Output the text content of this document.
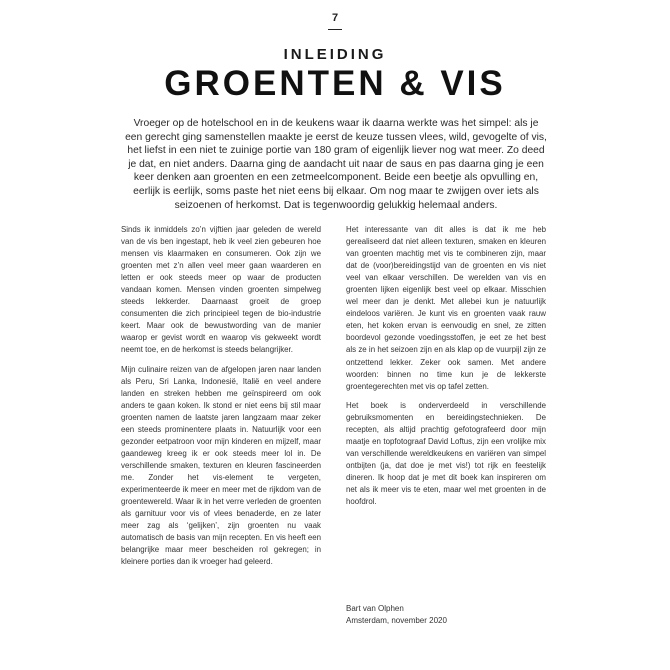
7
INLEIDING
GROENTEN & VIS
Vroeger op de hotelschool en in de keukens waar ik daarna werkte was het simpel: als je een gerecht ging samenstellen maakte je eerst de keuze tussen vlees, wild, gevogelte of vis, het liefst in een niet te zuinige portie van 180 gram of eigenlijk liever nog wat meer. Zo deed je dat, en niet anders. Daarna ging de aandacht uit naar de saus en pas daarna ging je een keer denken aan groenten en een zetmeelcomponent. Beide een beetje als opvulling en, eerlijk is eerlijk, soms paste het niet eens bij elkaar. Om nog maar te zwijgen over iets als seizoenen of herkomst. Dat is tegenwoordig gelukkig helemaal anders.

Sinds ik inmiddels zo’n vijftien jaar geleden de wereld van de vis ben ingestapt, heb ik veel zien gebeuren hoe mensen vis klaarmaken en consumeren. Ook zijn we groenten met z’n allen veel meer gaan waarderen en letten er ook steeds meer op waar de producten vandaan komen. Mensen vinden groenten simpelweg steeds lekkerder. Daarnaast groeit de groep consumenten die zich principieel tegen de bio-industrie keert. Maar ook de bewustwording van de manier waarop er gevist wordt en waarop vis gekweekt wordt neemt toe, en de herkomst is steeds belangrijker.

Mijn culinaire reizen van de afgelopen jaren naar landen als Peru, Sri Lanka, Indonesië, Italië en veel andere landen en streken hebben me geïnspireerd om ook anders te gaan koken. Ik stond er niet eens bij stil maar groenten namen de laatste jaren langzaam maar zeker een steeds prominentere plaats in. Natuurlijk voor een gezonder eetpatroon voor mijn kinderen en mijzelf, maar gaandeweg kreeg ik er ook steeds meer lol in. De verschillende smaken, texturen en kleuren fascineerden me. Zonder het vis-element te vergeten, experimenteerde ik meer en meer met de rijkdom van de groentewereld. Waar ik in het verre verleden de groenten als garnituur voor vis of vlees benaderde, en ze later meer zag als ‘gelijken’, zijn groenten nu vaak automatisch de basis van mijn recepten. En vis heeft een belangrijke maar meer bescheiden rol gekregen; in kleinere porties dan ik vroeger had geleerd.

Het interessante van dit alles is dat ik me heb gerealiseerd dat niet alleen texturen, smaken en kleuren van groenten machtig met vis te combineren zijn, maar dat de (voor)bereidingstijd van de groenten en vis niet veel van elkaar verschillen. De werelden van vis en groenten lijken eigenlijk best veel op elkaar. Misschien wel meer dan je denkt. Met allebei kun je natuurlijk eindeloos variëren. Je kunt vis en groenten vaak rauw eten, het koken ervan is eenvoudig en snel, ze zitten boordevol gezonde voedingsstoffen, je eet ze het best als ze in het seizoen zijn en als klap op de vuurpijl zijn ze ontzettend lekker. Zeker ook samen. Met andere woorden: binnen no time kun je de lekkerste groentegerechten met vis op tafel zetten.

Het boek is onderverdeeld in verschillende gebruiksmomenten en bereidingstechnieken. De recepten, als altijd prachtig gefotografeerd door mijn maatje en topfotograaf David Loftus, zijn een vrolijke mix van verschillende wereldkeukens en variëren van simpel ontbijten (ja, dat doe je met vis!) tot rijk en feestelijk dineren. Ik hoop dat je met dit boek kan inspireren om net als ik meer vis te eten, maar wel met groenten in de hoofdrol.

Bart van Olphen
Amsterdam, november 2020
